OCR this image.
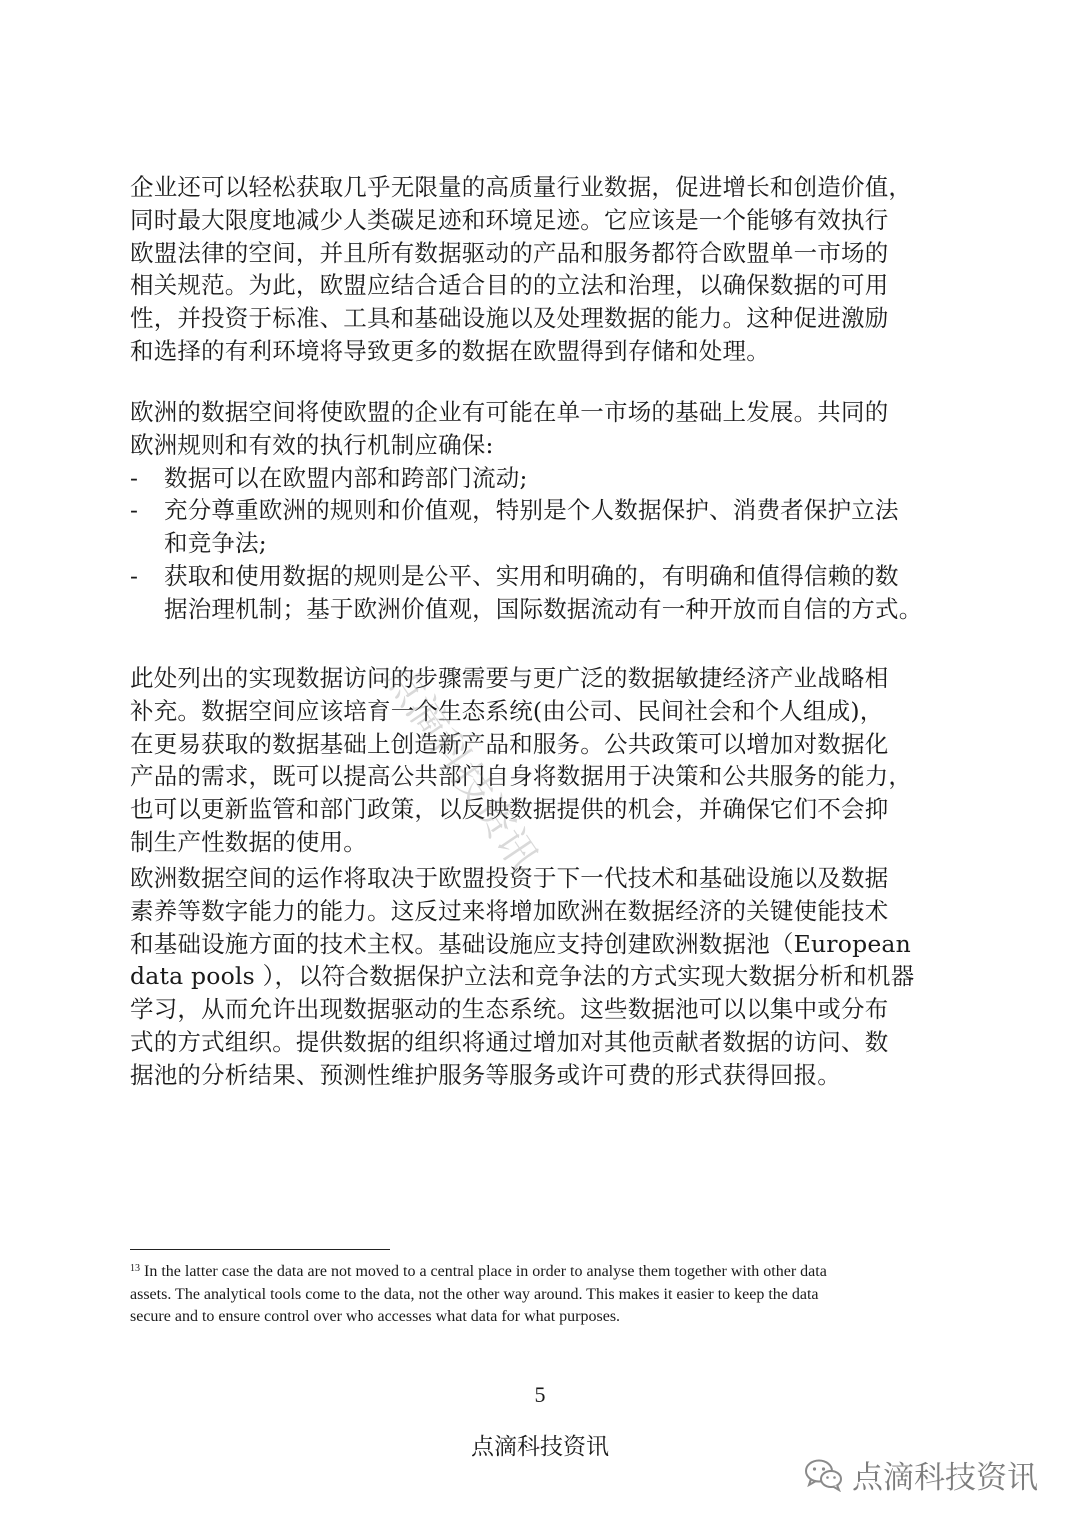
企业还可以轻松获取几乎无限量的高质量行业数据，促进增长和创造价值，
同时最大限度地减少人类碳足迹和环境足迹。它应该是一个能够有效执行
欧盟法律的空间，并且所有数据驱动的产品和服务都符合欧盟单一市场的
相关规范。为此，欧盟应结合适合目的的立法和治理，以确保数据的可用
性，并投资于标准、工具和基础设施以及处理数据的能力。这种促进激励
和选择的有利环境将导致更多的数据在欧盟得到存储和处理。
欧洲的数据空间将使欧盟的企业有可能在单一市场的基础上发展。共同的
欧洲规则和有效的执行机制应确保:
- 数据可以在欧盟内部和跨部门流动;
- 充分尊重欧洲的规则和价值观，特别是个人数据保护、消费者保护立法
和竞争法;
- 获取和使用数据的规则是公平、实用和明确的，有明确和值得信赖的数
据治理机制；基于欧洲价值观，国际数据流动有一种开放而自信的方式。
此处列出的实现数据访问的步骤需要与更广泛的数据敏捷经济产业战略相
补充。数据空间应该培育一个生态系统(由公司、民间社会和个人组成)，
在更易获取的数据基础上创造新产品和服务。公共政策可以增加对数据化
产品的需求，既可以提高公共部门自身将数据用于决策和公共服务的能力，
也可以更新监管和部门政策，以反映数据提供的机会，并确保它们不会抑
制生产性数据的使用。
欧洲数据空间的运作将取决于欧盟投资于下一代技术和基础设施以及数据
素养等数字能力的能力。这反过来将增加欧洲在数据经济的关键使能技术
和基础设施方面的技术主权。基础设施应支持创建欧洲数据池（European
data pools ），以符合数据保护立法和竞争法的方式实现大数据分析和机器
学习，从而允许出现数据驱动的生态系统。这些数据池可以以集中或分布
式的方式组织。提供数据的组织将通过增加对其他贡献者数据的访问、数
据池的分析结果、预测性维护服务等服务或许可费的形式获得回报。
点滴科技资讯
$^{13}$ In the latter case the data are not moved to a central place in order to analyse them together with other data
assets. The analytical tools come to the data, not the other way around. This makes it easier to keep the data
secure and to ensure control over who accesses what data for what purposes.
5
点滴科技资讯
点滴科技资讯
